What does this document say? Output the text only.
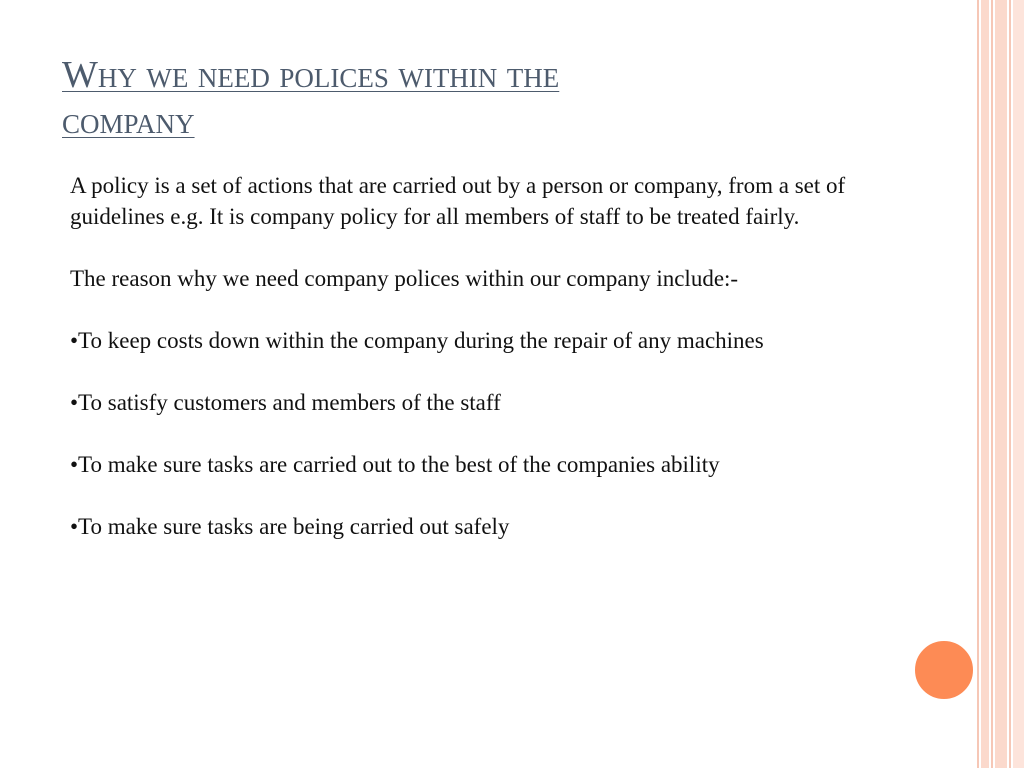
Why we need polices within the
company

A policy is a set of actions that are carried out by a person or company, from a set of guidelines e.g. It is company policy for all members of staff to be treated fairly.

The reason why we need company polices within our company include:-

•To keep costs down within the company during the repair of any machines

•To satisfy customers and members of the staff

•To make sure tasks are carried out to the best of the companies ability

•To make sure tasks are being carried out safely
